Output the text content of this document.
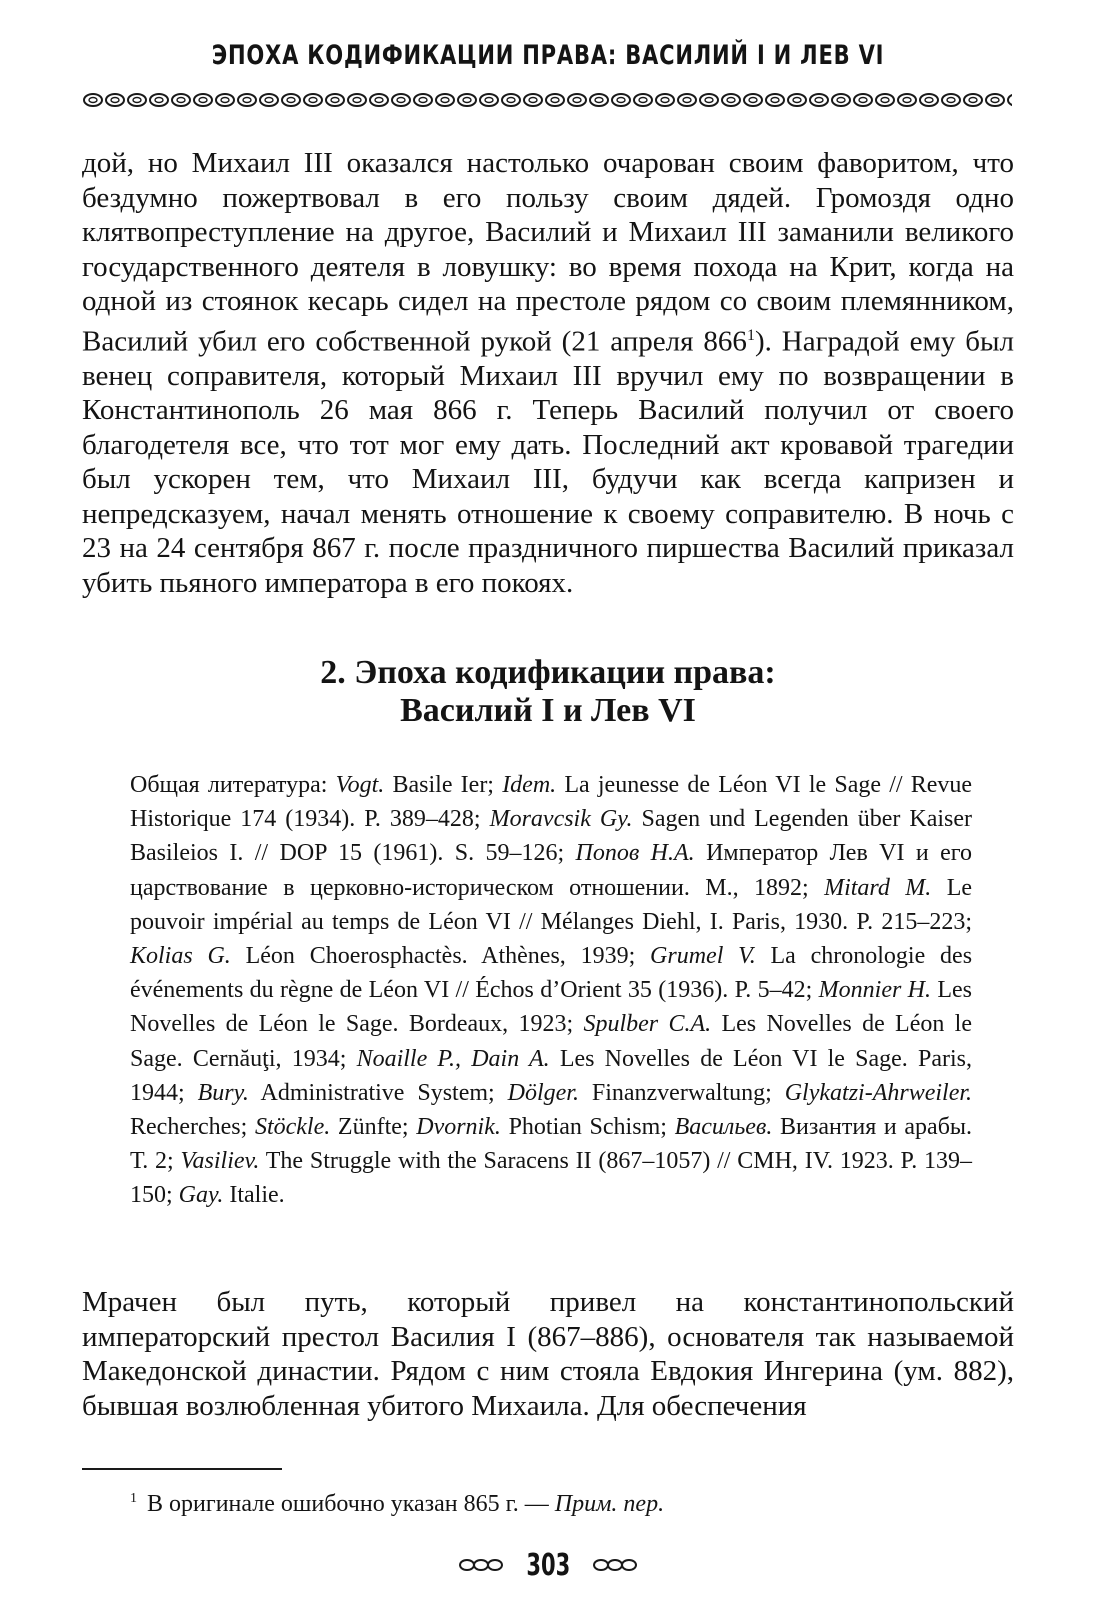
ЭПОХА КОДИФИКАЦИИ ПРАВА: ВАСИЛИЙ I И ЛЕВ VI

дой, но Михаил III оказался настолько очарован своим фаворитом, что бездумно пожертвовал в его пользу своим дядей. Громоздя одно клятвопреступление на другое, Василий и Михаил III заманили великого государственного деятеля в ловушку: во время похода на Крит, когда на одной из стоянок кесарь сидел на престоле рядом со своим племянником, Василий убил его собственной рукой (21 апреля 866$^1$). Наградой ему был венец соправителя, который Михаил III вручил ему по возвращении в Константинополь 26 мая 866 г. Теперь Василий получил от своего благодетеля все, что тот мог ему дать. Последний акт кровавой трагедии был ускорен тем, что Михаил III, будучи как всегда капризен и непредсказуем, начал менять отношение к своему соправителю. В ночь с 23 на 24 сентября 867 г. после праздничного пиршества Василий приказал убить пьяного императора в его покоях.

2. Эпоха кодификации права:
Василий I и Лев VI

Общая литература: Vogt. Basile Ier; Idem. La jeunesse de Léon VI le Sage // Revue Historique 174 (1934). P. 389–428; Moravcsik Gy. Sagen und Legenden über Kaiser Basileios I. // DOP 15 (1961). S. 59–126; Попов Н.А. Император Лев VI и его царствование в церковно-историческом отношении. М., 1892; Mitard M. Le pouvoir impérial au temps de Léon VI // Mélanges Diehl, I. Paris, 1930. P. 215–223; Kolias G. Léon Choerosphactès. Athènes, 1939; Grumel V. La chronologie des événements du règne de Léon VI // Échos d’Orient 35 (1936). P. 5–42; Monnier H. Les Novelles de Léon le Sage. Bordeaux, 1923; Spulber C.A. Les Novelles de Léon le Sage. Cernăuţi, 1934; Noaille P., Dain A. Les Novelles de Léon VI le Sage. Paris, 1944; Bury. Administrative System; Dölger. Finanzverwaltung; Glykatzi-Ahrweiler. Recherches; Stöckle. Zünfte; Dvornik. Photian Schism; Васильев. Византия и арабы. Т. 2; Vasiliev. The Struggle with the Saracens II (867–1057) // CMH, IV. 1923. P. 139–150; Gay. Italie.

Мрачен был путь, который привел на константинопольский императорский престол Василия I (867–886), основателя так называемой Македонской династии. Рядом с ним стояла Евдокия Ингерина (ум. 882), бывшая возлюбленная убитого Михаила. Для обеспечения

$^1$ В оригинале ошибочно указан 865 г. — Прим. пер.

303
